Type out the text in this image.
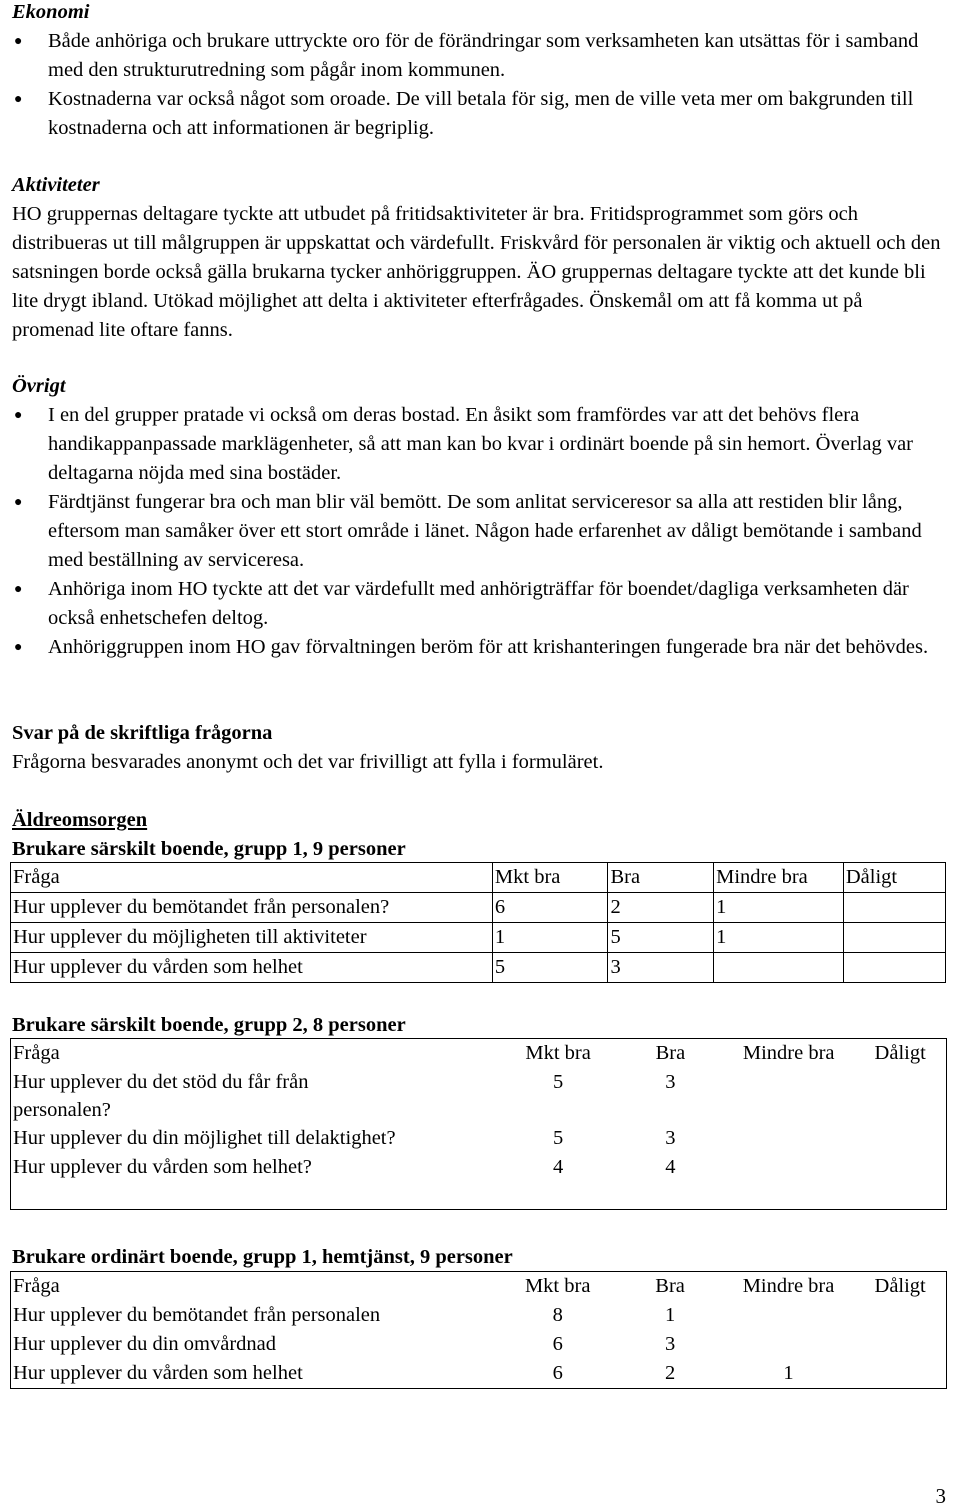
Ekonomi
● Både anhöriga och brukare uttryckte oro för de förändringar som verksamheten kan utsättas för i samband med den strukturutredning som pågår inom kommunen.
● Kostnaderna var också något som oroade. De vill betala för sig, men de ville veta mer om bakgrunden till kostnaderna och att informationen är begriplig.
Aktiviteter

HO gruppernas deltagare tyckte att utbudet på fritidsaktiviteter är bra. Fritidsprogrammet som görs och distribueras ut till målgruppen är uppskattat och värdefullt. Friskvård för personalen är viktig och aktuell och den satsningen borde också gälla brukarna tycker anhöriggruppen. ÄO gruppernas deltagare tyckte att det kunde bli lite drygt ibland. Utökad möjlighet att delta i aktiviteter efterfrågades. Önskemål om att få komma ut på promenad lite oftare fanns.

Övrigt
● I en del grupper pratade vi också om deras bostad. En åsikt som framfördes var att det behövs flera handikappanpassade marklägenheter, så att man kan bo kvar i ordinärt boende på sin hemort. Överlag var deltagarna nöjda med sina bostäder.
● Färdtjänst fungerar bra och man blir väl bemött. De som anlitat serviceresor sa alla att restiden blir lång, eftersom man samåker över ett stort område i länet. Någon hade erfarenhet av dåligt bemötande i samband med beställning av serviceresa.
● Anhöriga inom HO tyckte att det var värdefullt med anhörigträffar för boendet/dagliga verksamheten där också enhetschefen deltog.
● Anhöriggruppen inom HO gav förvaltningen beröm för att krishanteringen fungerade bra när det behövdes.
Svar på de skriftliga frågorna

Frågorna besvarades anonymt och det var frivilligt att fylla i formuläret.

Äldreomsorgen
Brukare särskilt boende, grupp 1, 9 personer
Fråga	Mkt bra	Bra	Mindre bra	Dåligt
Hur upplever du bemötandet från personalen?	6	2	1	
Hur upplever du möjligheten till aktiviteter	1	5	1	
Hur upplever du vården som helhet	5	3		
Brukare särskilt boende, grupp 2, 8 personer
Fråga	Mkt bra	Bra	Mindre bra	Dåligt
Hur upplever du det stöd du får från personalen?	5	3		
Hur upplever du din möjlighet till delaktighet?	5	3		
Hur upplever du vården som helhet?	4	4		
Brukare ordinärt boende, grupp 1, hemtjänst, 9 personer
Fråga	Mkt bra	Bra	Mindre bra	Dåligt
Hur upplever du bemötandet från personalen	8	1		
Hur upplever du din omvårdnad	6	3		
Hur upplever du vården som helhet	6	2	1	
3
